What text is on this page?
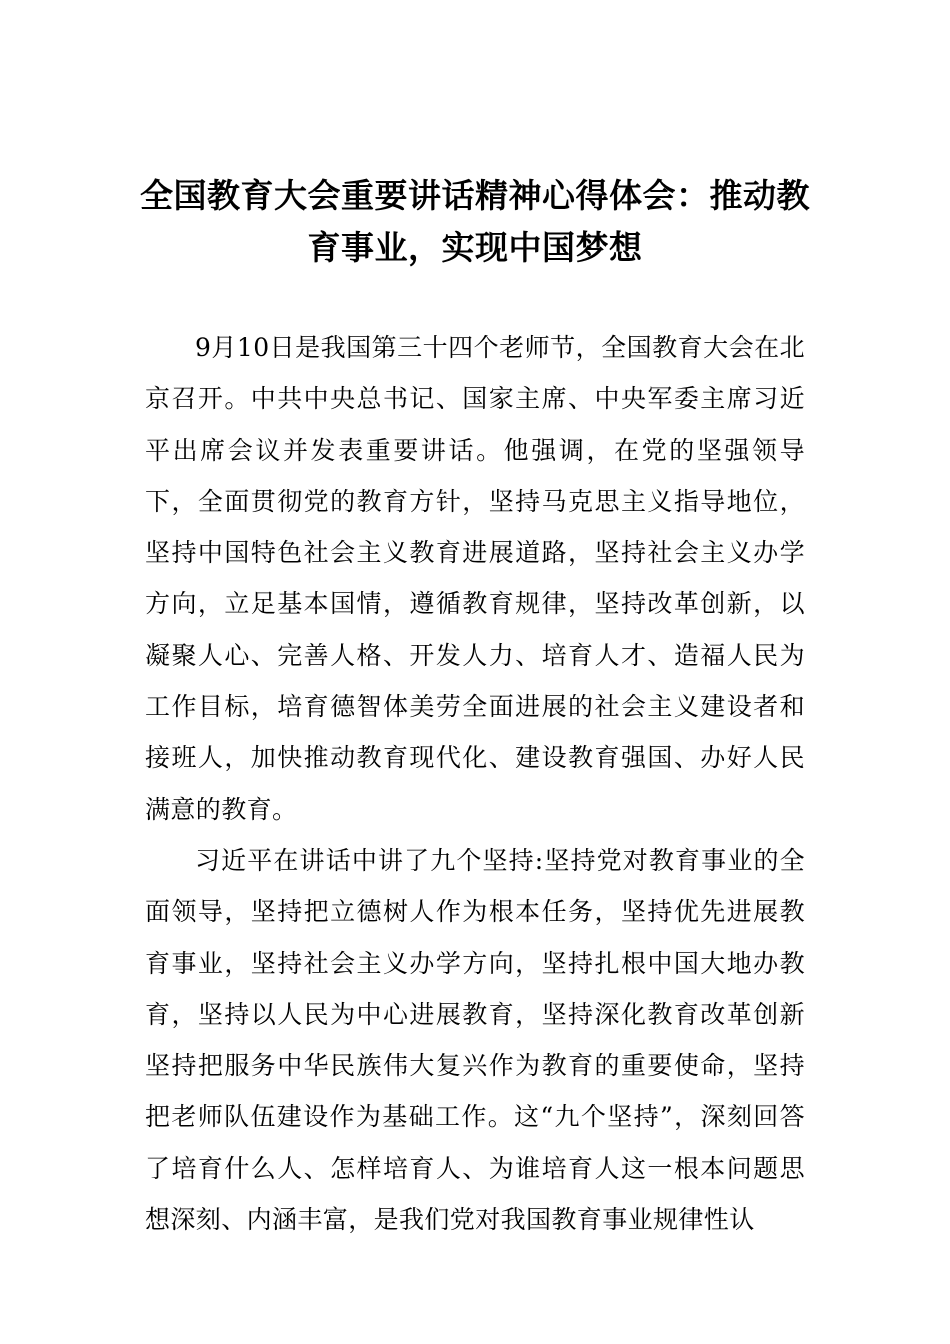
全国教育大会重要讲话精神心得体会：推动教育事业，实现中国梦想

9月10日是我国第三十四个老师节，全国教育大会在北京召开。中共中央总书记、国家主席、中央军委主席习近平出席会议并发表重要讲话。他强调，在党的坚强领导下，全面贯彻党的教育方针，坚持马克思主义指导地位，坚持中国特色社会主义教育进展道路，坚持社会主义办学方向，立足基本国情，遵循教育规律，坚持改革创新，以凝聚人心、完善人格、开发人力、培育人才、造福人民为工作目标，培育德智体美劳全面进展的社会主义建设者和接班人，加快推动教育现代化、建设教育强国、办好人民满意的教育。

习近平在讲话中讲了九个坚持:坚持党对教育事业的全面领导，坚持把立德树人作为根本任务，坚持优先进展教育事业，坚持社会主义办学方向，坚持扎根中国大地办教育，坚持以人民为中心进展教育，坚持深化教育改革创新坚持把服务中华民族伟大复兴作为教育的重要使命，坚持把老师队伍建设作为基础工作。这“九个坚持”，深刻回答了培育什么人、怎样培育人、为谁培育人这一根本问题思想深刻、内涵丰富，是我们党对我国教育事业规律性认
